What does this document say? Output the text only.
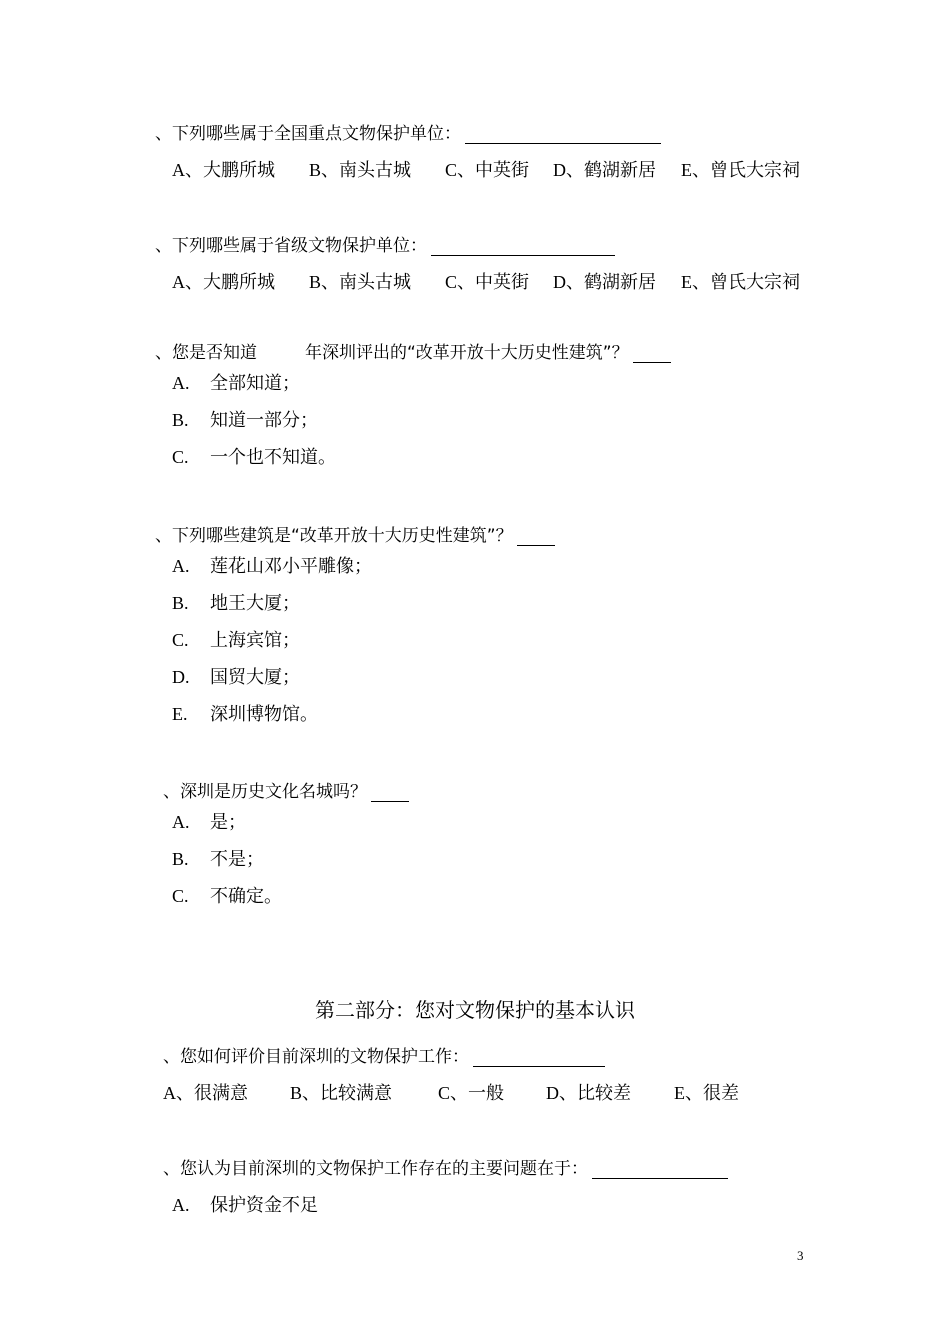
、下列哪些属于全国重点文物保护单位：
A、大鹏所城 B、南头古城 C、中英街 D、鹤湖新居 E、曾氏大宗祠
、下列哪些属于省级文物保护单位：
A、大鹏所城 B、南头古城 C、中英街 D、鹤湖新居 E、曾氏大宗祠
、您是否知道	年深圳评出的“改革开放十大历史性建筑”？
A. 全部知道；
B. 知道一部分；
C. 一个也不知道。
、下列哪些建筑是“改革开放十大历史性建筑”？
A. 莲花山邓小平雕像；
B. 地王大厦；
C. 上海宾馆；
D. 国贸大厦；
E. 深圳博物馆。
、深圳是历史文化名城吗？
A. 是；
B. 不是；
C. 不确定。
第二部分：您对文物保护的基本认识
、您如何评价目前深圳的文物保护工作：
A、很满意 B、比较满意	C、一般 D、比较差 E、很差
、您认为目前深圳的文物保护工作存在的主要问题在于：
A. 保护资金不足
3
